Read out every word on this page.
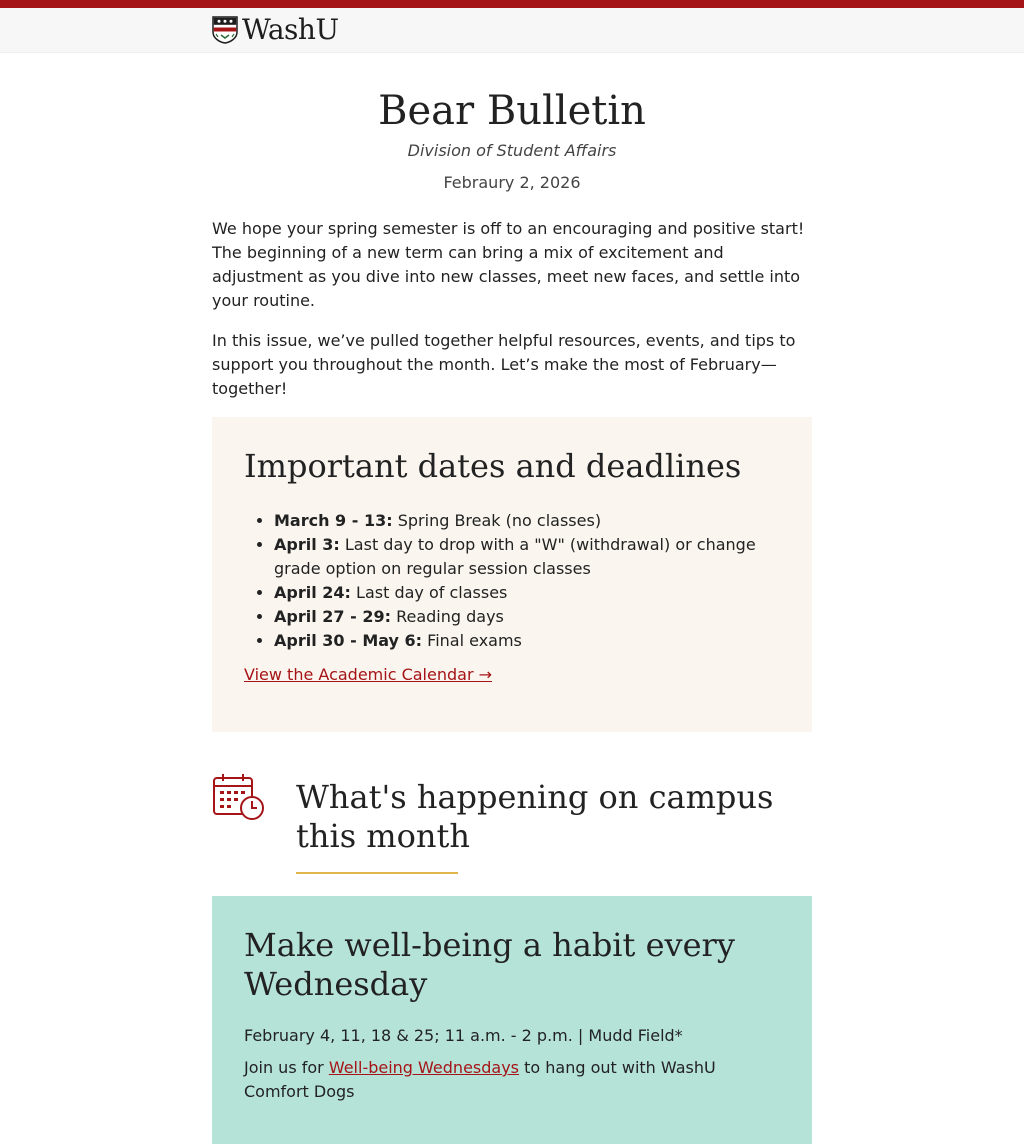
WashU
Bear Bulletin
Division of Student Affairs
Febraury 2, 2026

We hope your spring semester is off to an encouraging and positive start! The beginning of a new term can bring a mix of excitement and adjustment as you dive into new classes, meet new faces, and settle into your routine.

In this issue, we’ve pulled together helpful resources, events, and tips to support you throughout the month. Let’s make the most of February—together!

Important dates and deadlines
• March 9 - 13: Spring Break (no classes)
• April 3: Last day to drop with a "W" (withdrawal) or change grade option on regular session classes
• April 24: Last day of classes
• April 27 - 29: Reading days
• April 30 - May 6: Final exams
View the Academic Calendar →
What's happening on campus this month
Make well-being a habit every Wednesday

February 4, 11, 18 & 25; 11 a.m. - 2 p.m. | Mudd Field*

Join us for Well-being Wednesdays to hang out with WashU Comfort Dogs
